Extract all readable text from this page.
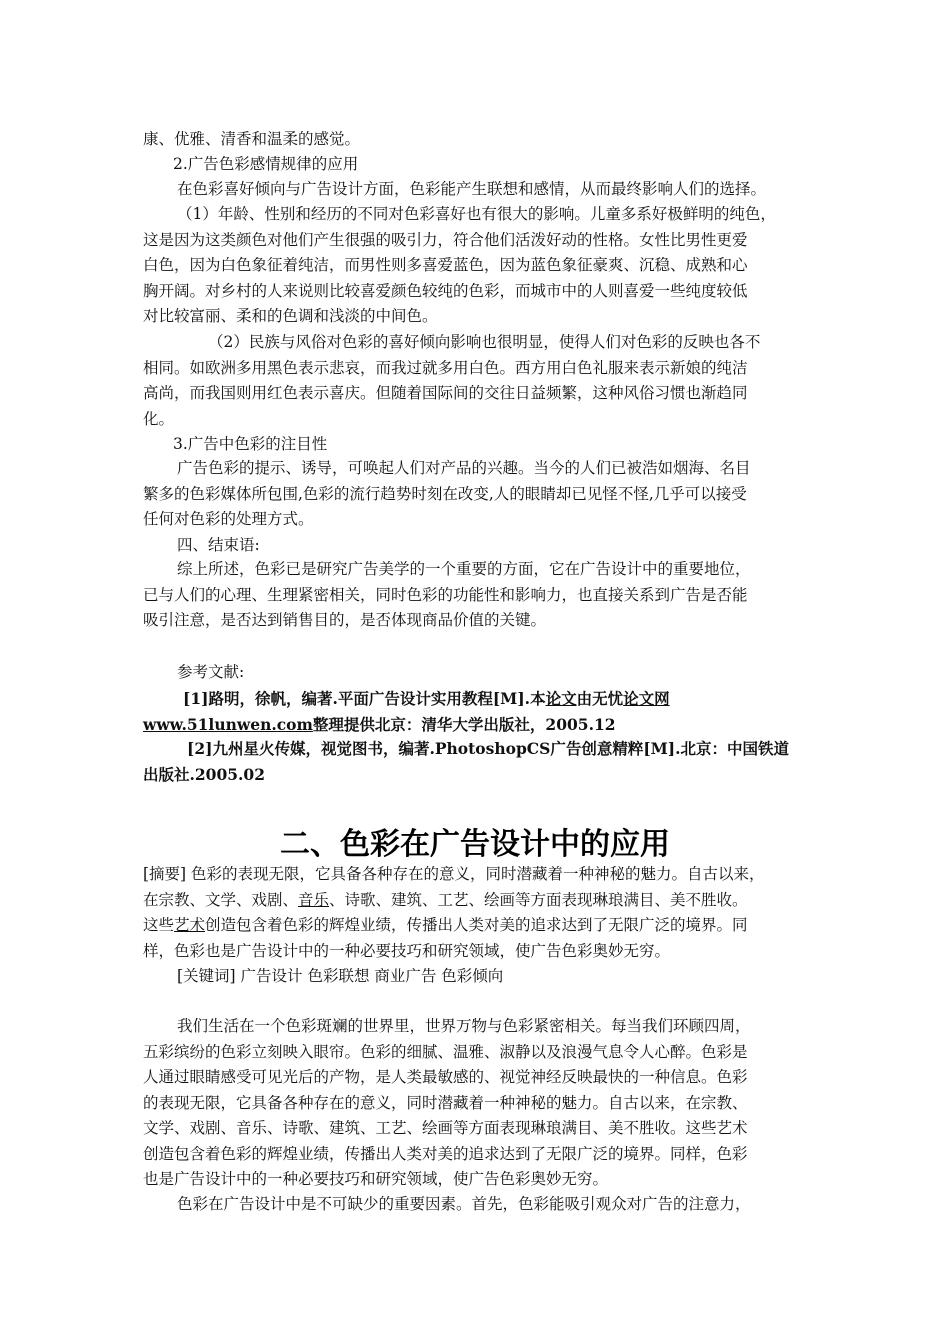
康、优雅、清香和温柔的感觉。

2.广告色彩感情规律的应用

在色彩喜好倾向与广告设计方面，色彩能产生联想和感情，从而最终影响人们的选择。

（1）年龄、性别和经历的不同对色彩喜好也有很大的影响。儿童多系好极鲜明的纯色，
这是因为这类颜色对他们产生很强的吸引力，符合他们活泼好动的性格。女性比男性更爱
白色，因为白色象征着纯洁，而男性则多喜爱蓝色，因为蓝色象征豪爽、沉稳、成熟和心
胸开阔。对乡村的人来说则比较喜爱颜色较纯的色彩，而城市中的人则喜爱一些纯度较低
对比较富丽、柔和的色调和浅淡的中间色。

（2）民族与风俗对色彩的喜好倾向影响也很明显，使得人们对色彩的反映也各不
相同。如欧洲多用黑色表示悲哀，而我过就多用白色。西方用白色礼服来表示新娘的纯洁
高尚，而我国则用红色表示喜庆。但随着国际间的交往日益频繁，这种风俗习惯也渐趋同
化。

3.广告中色彩的注目性

广告色彩的提示、诱导，可唤起人们对产品的兴趣。当今的人们已被浩如烟海、名目
繁多的色彩媒体所包围,色彩的流行趋势时刻在改变,人的眼睛却已见怪不怪,几乎可以接受
任何对色彩的处理方式。

四、结束语:

综上所述，色彩已是研究广告美学的一个重要的方面，它在广告设计中的重要地位，
已与人们的心理、生理紧密相关，同时色彩的功能性和影响力，也直接关系到广告是否能
吸引注意，是否达到销售目的，是否体现商品价值的关键。

参考文献:

[1]路明，徐帆，编著.平面广告设计实用教程[M].本论文由无忧论文网
www.51lunwen.com整理提供北京：清华大学出版社，2005.12

[2]九州星火传媒，视觉图书，编著.PhotoshopCS广告创意精粹[M].北京：中国铁道
出版社.2005.02

二、色彩在广告设计中的应用

[摘要] 色彩的表现无限，它具备各种存在的意义，同时潜藏着一种神秘的魅力。自古以来，
在宗教、文学、戏剧、音乐、诗歌、建筑、工艺、绘画等方面表现琳琅满目、美不胜收。
这些艺术创造包含着色彩的辉煌业绩，传播出人类对美的追求达到了无限广泛的境界。同
样，色彩也是广告设计中的一种必要技巧和研究领域，使广告色彩奥妙无穷。

[关键词] 广告设计 色彩联想 商业广告 色彩倾向

我们生活在一个色彩斑斓的世界里，世界万物与色彩紧密相关。每当我们环顾四周，
五彩缤纷的色彩立刻映入眼帘。色彩的细腻、温雅、淑静以及浪漫气息令人心醉。色彩是
人通过眼睛感受可见光后的产物，是人类最敏感的、视觉神经反映最快的一种信息。色彩
的表现无限，它具备各种存在的意义，同时潜藏着一种神秘的魅力。自古以来，在宗教、
文学、戏剧、音乐、诗歌、建筑、工艺、绘画等方面表现琳琅满目、美不胜收。这些艺术
创造包含着色彩的辉煌业绩，传播出人类对美的追求达到了无限广泛的境界。同样，色彩
也是广告设计中的一种必要技巧和研究领域，使广告色彩奥妙无穷。

色彩在广告设计中是不可缺少的重要因素。首先，色彩能吸引观众对广告的注意力，
